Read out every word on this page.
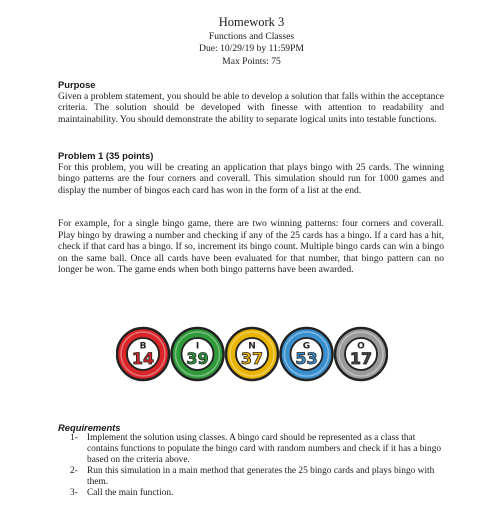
Homework 3
Functions and Classes
Due: 10/29/19 by 11:59PM
Max Points: 75
Purpose
Given a problem statement, you should be able to develop a solution that falls within the acceptance criteria. The solution should be developed with finesse with attention to readability and maintainability. You should demonstrate the ability to separate logical units into testable functions.
Problem 1 (35 points)
For this problem, you will be creating an application that plays bingo with 25 cards. The winning bingo patterns are the four corners and coverall. This simulation should run for 1000 games and display the number of bingos each card has won in the form of a list at the end.
For example, for a single bingo game, there are two winning patterns: four corners and coverall. Play bingo by drawing a number and checking if any of the 25 cards has a bingo. If a card has a hit, check if that card has a bingo. If so, increment its bingo count. Multiple bingo cards can win a bingo on the same ball. Once all cards have been evaluated for that number, that bingo pattern can no longer be won. The game ends when both bingo patterns have been awarded.
B
14
I
39
N
37
G
53
O
17
Requirements
1- Implement the solution using classes. A bingo card should be represented as a class that contains functions to populate the bingo card with random numbers and check if it has a bingo based on the criteria above.
2- Run this simulation in a main method that generates the 25 bingo cards and plays bingo with them.
3- Call the main function.
